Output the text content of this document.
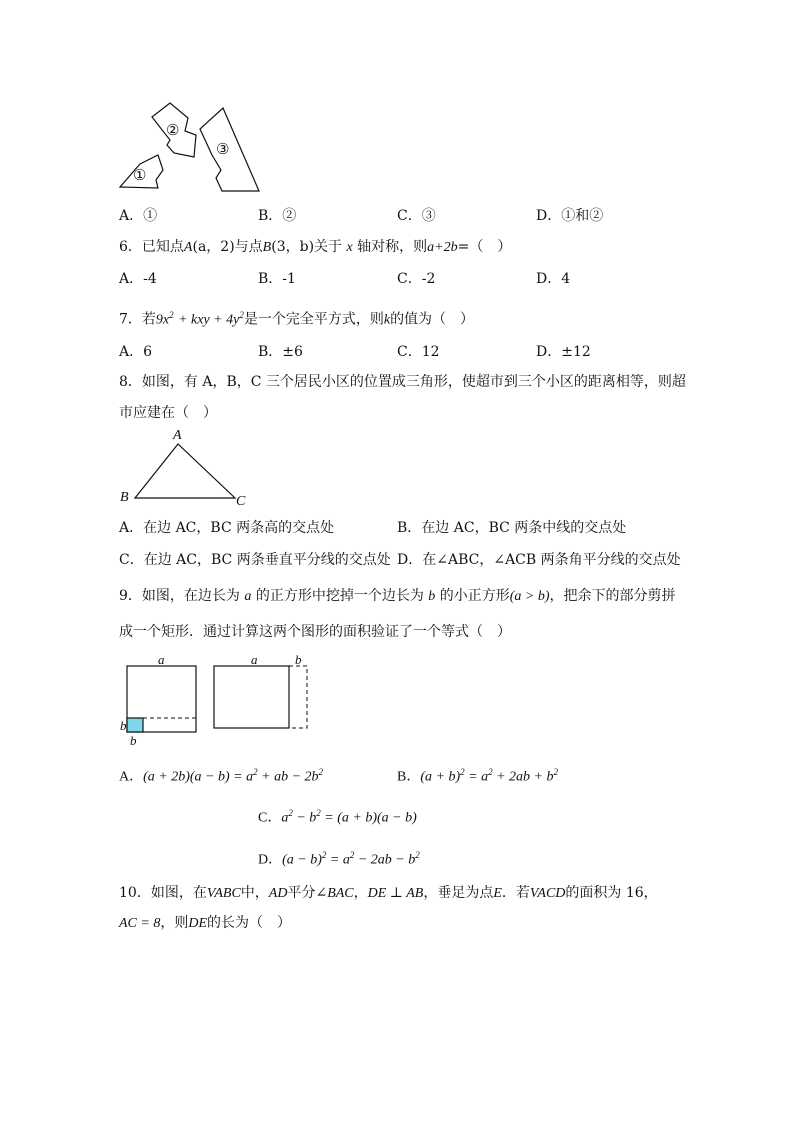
①
②
③
A．①	B．②	C．③	D．①和②
6．已知点A(a，2)与点B(3，b)关于 x 轴对称，则a+2b=（　）
A．-4	B．-1	C．-2	D．4
7．若$9x^2$ + kxy + $4y^2$是一个完全平方式，则k的值为（　）
A．6	B．±6	C．12	D．±12
8．如图，有 A，B，C 三个居民小区的位置成三角形，使超市到三个小区的距离相等，则超
市应建在（　）
A
B	C
A．在边 AC，BC 两条高的交点处	B．在边 AC，BC 两条中线的交点处
C．在边 AC，BC 两条垂直平分线的交点处 D．在∠ABC，∠ACB 两条角平分线的交点处
9．如图，在边长为 a 的正方形中挖掉一个边长为 b 的小正方形(a > b)，把余下的部分剪拼
成一个矩形．通过计算这两个图形的面积验证了一个等式（　）
a	a	b
b
b
A．$(a + 2b)(a - b) = a^2$ + ab − $2b^2$	B．$(a + b)^2 = a^2 + 2ab + b^2$
C．$a^2 - b^2 = (a + b)(a - b)$
D．$(a - b)^2 = a^2 - 2ab - b^2$
10．如图，在VABC中，AD平分∠BAC，DE ⊥ AB，垂足为点E．若VACD的面积为 16，
AC = 8，则DE的长为（　）
